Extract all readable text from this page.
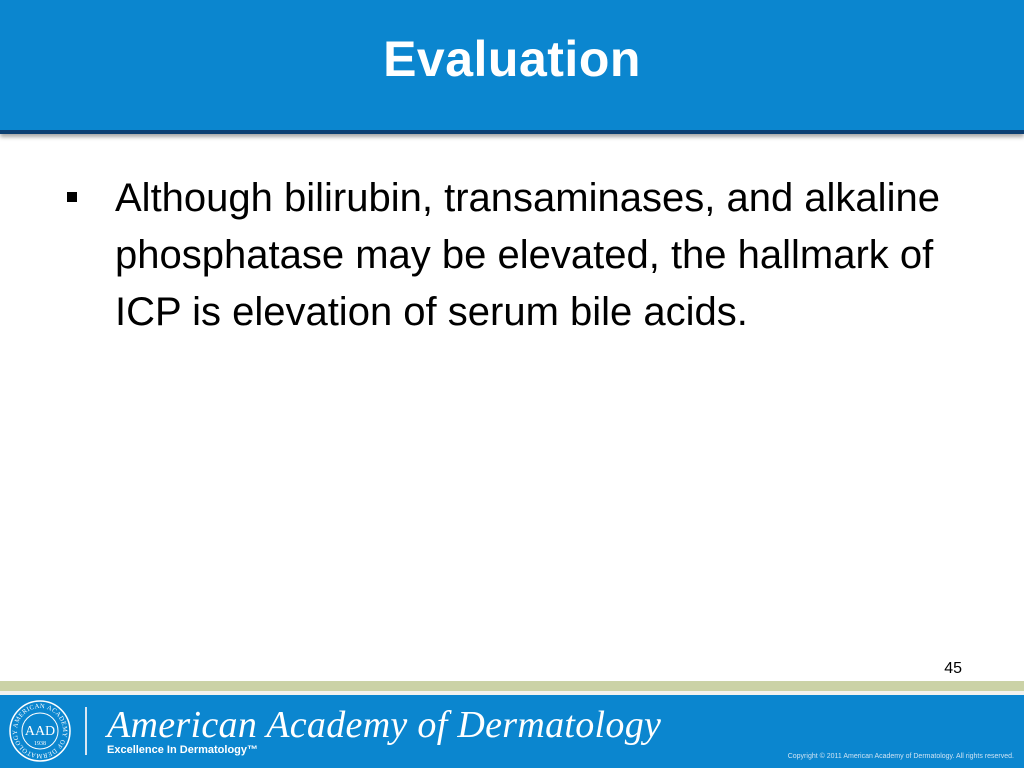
Evaluation
Although bilirubin, transaminases, and alkaline phosphatase may be elevated, the hallmark of ICP is elevation of serum bile acids.
45
AMERICAN ACADEMY OF DERMATOLOGY AAD
1938 American Academy of Dermatology
Excellence In Dermatology™
Copyright © 2011 American Academy of Dermatology. All rights reserved.
